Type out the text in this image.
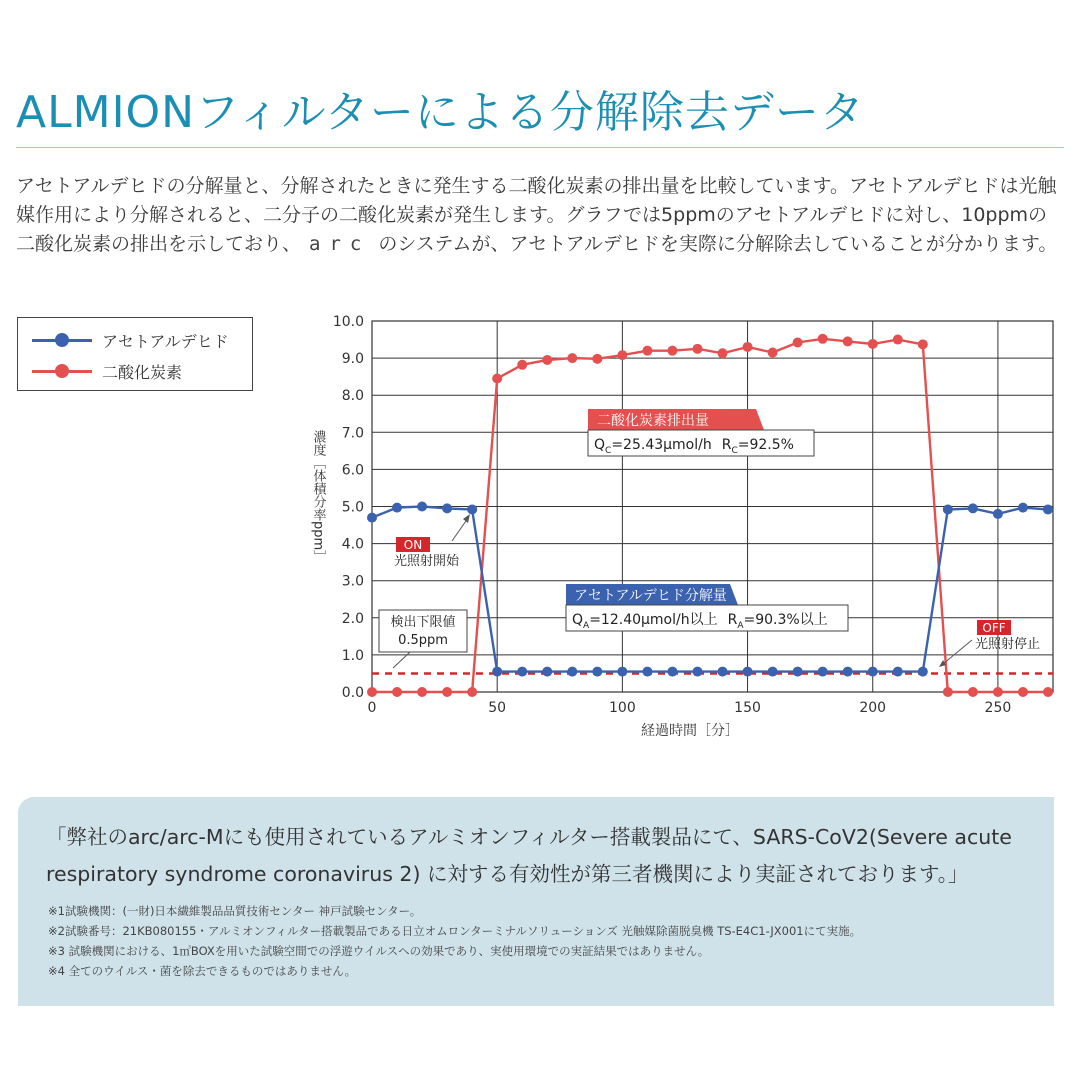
ALMIONフィルターによる分解除去データ

アセトアルデヒドの分解量と、分解されたときに発生する二酸化炭素の排出量を比較しています。アセトアルデヒドは光触媒作用により分解されると、二分子の二酸化炭素が発生します。グラフでは5ppmのアセトアルデヒドに対し、10ppmの二酸化炭素の排出を示しており、 arc のシステムが、アセトアルデヒドを実際に分解除去していることが分かります。

アセトアルデヒド
二酸化炭素
0.0
1.0
2.0
3.0
4.0
5.0
6.0
7.0
8.0
9.0
10.0
0	50	100	150	200	250
経過時間［分］
濃度［体積分率ppm］
検出下限値
0.5ppm
ON
光照射開始
OFF
光照射停止
二酸化炭素排出量
$Q_C=25.43\mu mol/h$ $R_C=92.5\%$
アセトアルデヒド分解量
$Q_A=12.40\mu mol/h$以上 $R_A=90.3\%$以上

「弊社のarc/arc-Mにも使用されているアルミオンフィルター搭載製品にて、SARS-CoV2(Severe acute respiratory syndrome coronavirus 2) に対する有効性が第三者機関により実証されております。」

※1試験機関：(一財)日本繊維製品品質技術センター 神戸試験センター。
※2試験番号：21KB080155・アルミオンフィルター搭載製品である日立オムロンターミナルソリューションズ 光触媒除菌脱臭機 TS-E4C1-JX001にて実施。
※3 試験機関における、1㎥BOXを用いた試験空間での浮遊ウイルスへの効果であり、実使用環境での実証結果ではありません。
※4 全てのウイルス・菌を除去できるものではありません。
